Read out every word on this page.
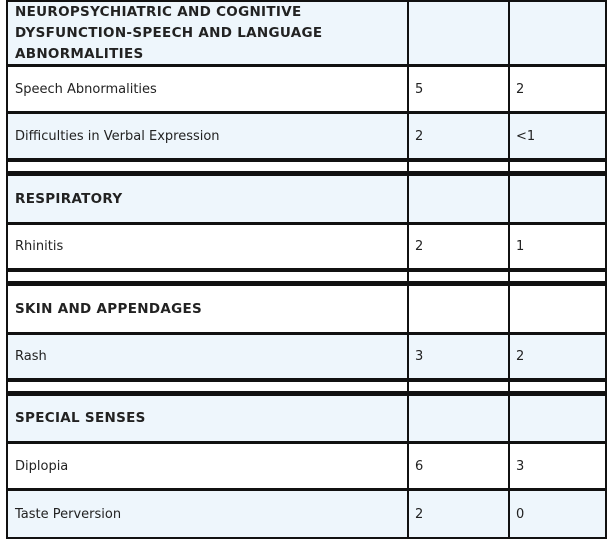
NEUROPSYCHIATRIC AND COGNITIVE DYSFUNCTION-SPEECH AND LANGUAGE ABNORMALITIES
Speech Abnormalities	5	2
Difficulties in Verbal Expression	2	<1
RESPIRATORY
Rhinitis	2	1
SKIN AND APPENDAGES
Rash	3	2
SPECIAL SENSES
Diplopia	6	3
Taste Perversion	2	0
